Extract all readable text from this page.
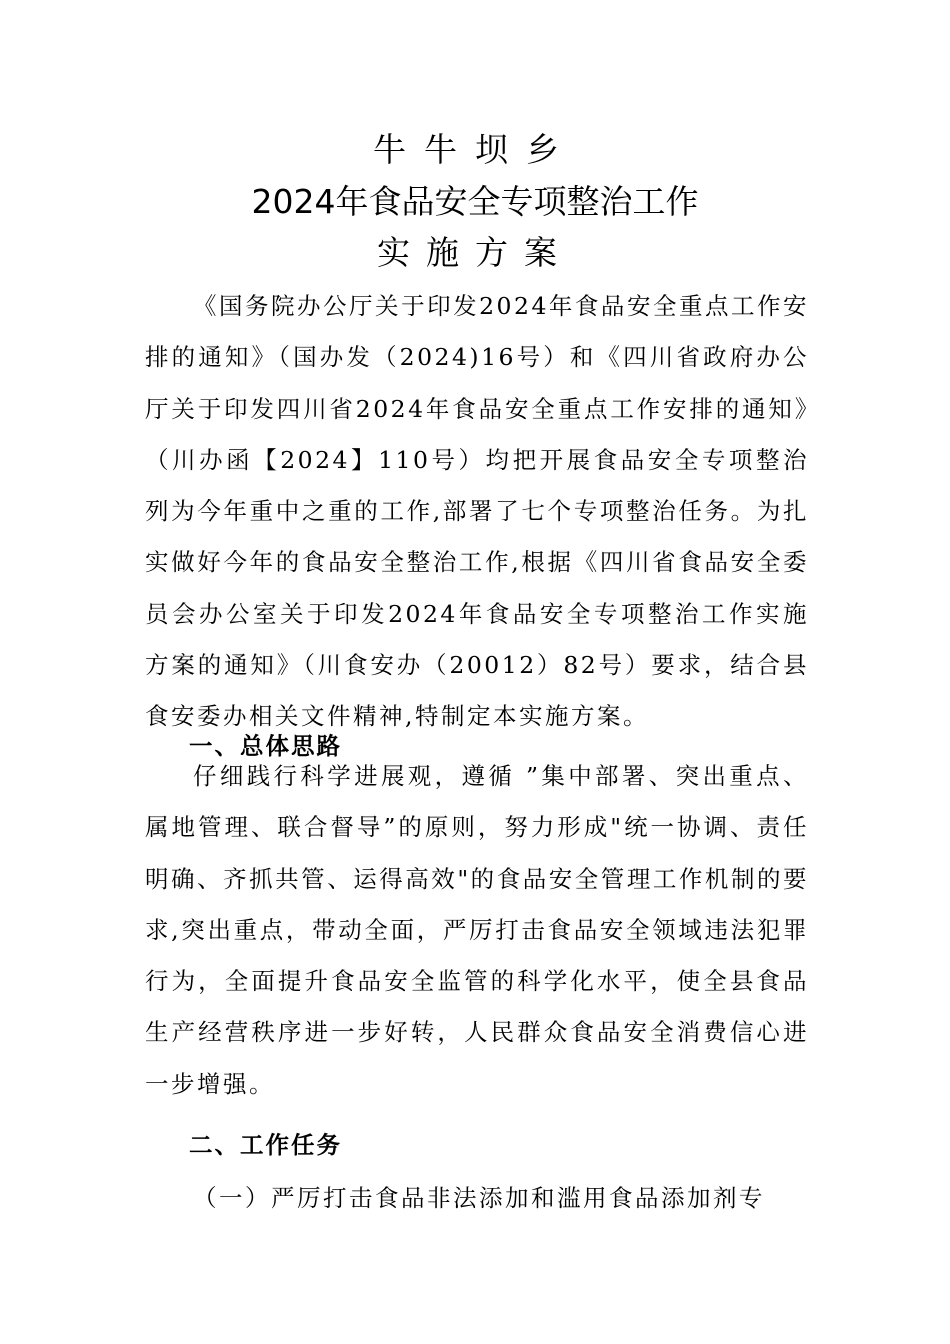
牛牛坝乡
2024年食品安全专项整治工作
实施方案

《国务院办公厅关于印发2024年食品安全重点工作安排的通知》（国办发（2024)16号）和《四川省政府办公厅关于印发四川省2024年食品安全重点工作安排的通知》（川办函【2024】110号）均把开展食品安全专项整治列为今年重中之重的工作,部署了七个专项整治任务。为扎实做好今年的食品安全整治工作,根据《四川省食品安全委员会办公室关于印发2024年食品安全专项整治工作实施方案的通知》（川食安办（20012）82号）要求，结合县食安委办相关文件精神,特制定本实施方案。

一、总体思路

仔细践行科学进展观，遵循 ”集中部署、突出重点、属地管理、联合督导”的原则，努力形成"统一协调、责任明确、齐抓共管、运得高效"的食品安全管理工作机制的要求,突出重点，带动全面，严厉打击食品安全领域违法犯罪行为，全面提升食品安全监管的科学化水平，使全县食品生产经营秩序进一步好转，人民群众食品安全消费信心进一步增强。

二、工作任务

（一）严厉打击食品非法添加和滥用食品添加剂专
